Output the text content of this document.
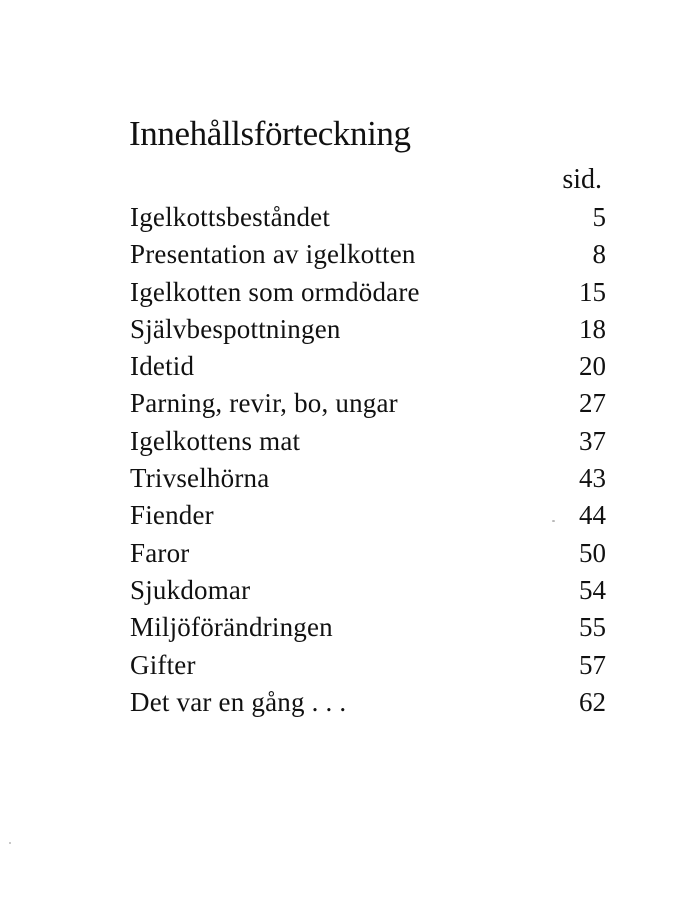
Innehållsförteckning
sid.
Igelkottsbeståndet	5
Presentation av igelkotten	8
Igelkotten som ormdödare	15
Självbespottningen	18
Idetid	20
Parning, revir, bo, ungar	27
Igelkottens mat	37
Trivselhörna	43
Fiender	44
Faror	50
Sjukdomar	54
Miljöförändringen	55
Gifter	57
Det var en gång . . .	62
